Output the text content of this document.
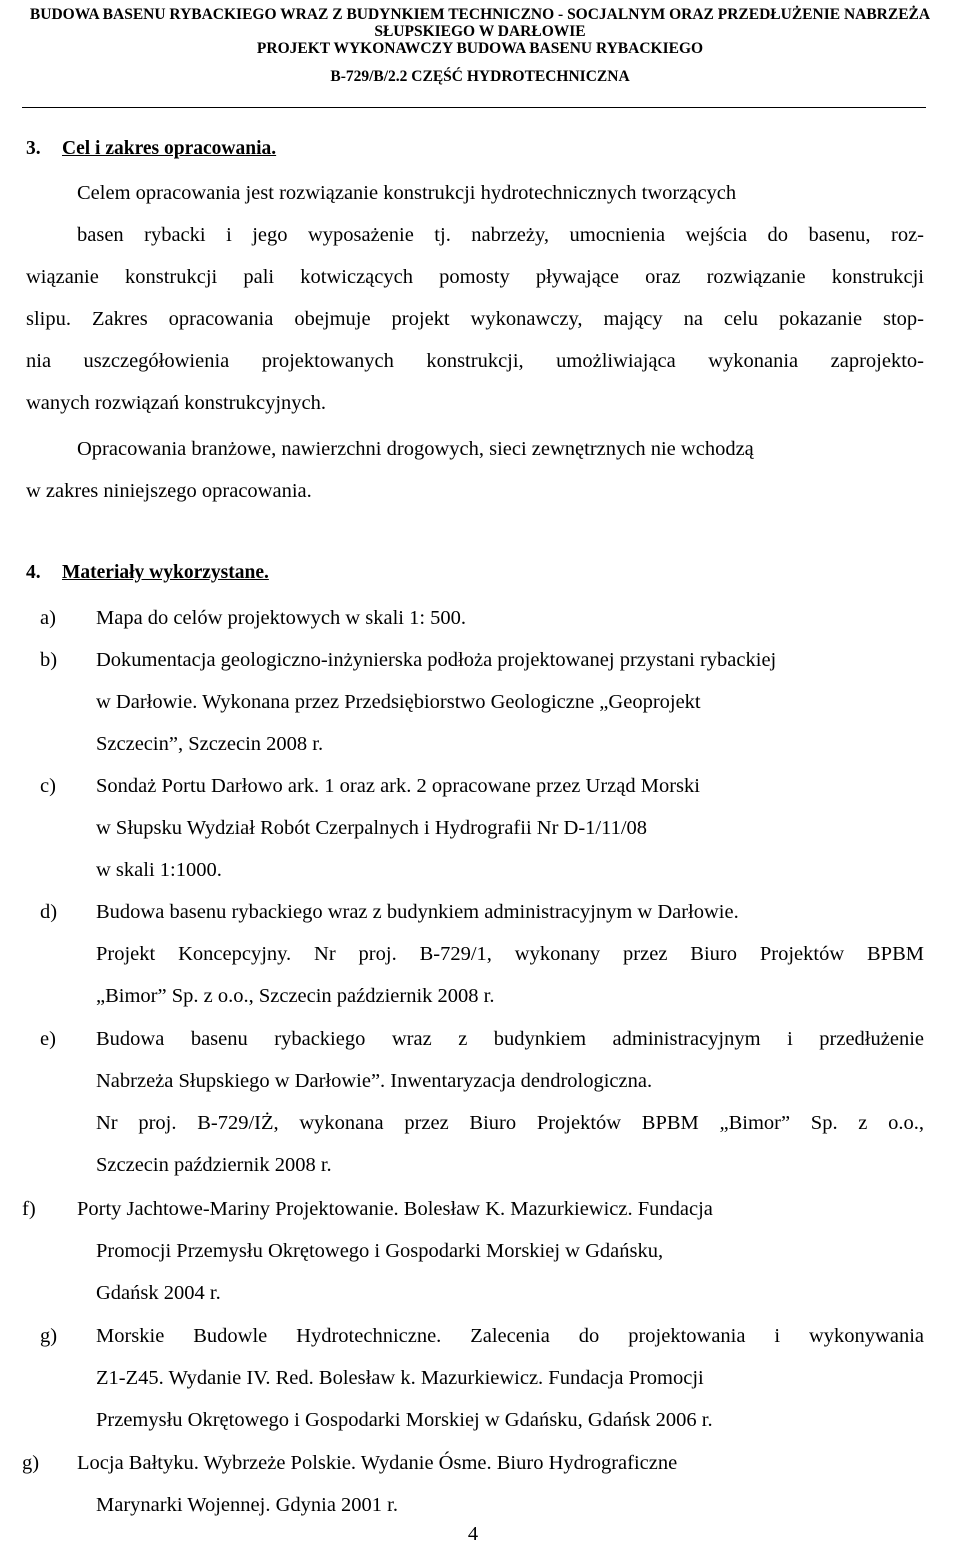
BUDOWA BASENU RYBACKIEGO WRAZ Z BUDYNKIEM TECHNICZNO - SOCJALNYM ORAZ PRZEDŁUŻENIE NABRZEŻA
SŁUPSKIEGO W DARŁOWIE
PROJEKT WYKONAWCZY BUDOWA BASENU RYBACKIEGO
B-729/B/2.2 CZĘŚĆ HYDROTECHNICZNA
3. Cel i zakres opracowania.
Celem opracowania jest rozwiązanie konstrukcji hydrotechnicznych tworzących
basen rybacki i jego wyposażenie tj. nabrzeży, umocnienia wejścia do basenu, roz-
wiązanie konstrukcji pali kotwiczących pomosty pływające oraz rozwiązanie konstrukcji
slipu. Zakres opracowania obejmuje projekt wykonawczy, mający na celu pokazanie stop-
nia uszczegółowienia projektowanych konstrukcji, umożliwiająca wykonania zaprojekto-
wanych rozwiązań konstrukcyjnych.
Opracowania branżowe, nawierzchni drogowych, sieci zewnętrznych nie wchodzą
w zakres niniejszego opracowania.
4. Materiały wykorzystane.
a) Mapa do celów projektowych w skali 1: 500.
b) Dokumentacja geologiczno-inżynierska podłoża projektowanej przystani rybackiej
w Darłowie. Wykonana przez Przedsiębiorstwo Geologiczne „Geoprojekt
Szczecin”, Szczecin 2008 r.
c) Sondaż Portu Darłowo ark. 1 oraz ark. 2 opracowane przez Urząd Morski
w Słupsku Wydział Robót Czerpalnych i Hydrografii Nr D-1/11/08
w skali 1:1000.
d) Budowa basenu rybackiego wraz z budynkiem administracyjnym w Darłowie.
Projekt Koncepcyjny. Nr proj. B-729/1, wykonany przez Biuro Projektów BPBM
„Bimor” Sp. z o.o., Szczecin październik 2008 r.
e) Budowa basenu rybackiego wraz z budynkiem administracyjnym i przedłużenie
Nabrzeża Słupskiego w Darłowie”. Inwentaryzacja dendrologiczna.
Nr proj. B-729/IŻ, wykonana przez Biuro Projektów BPBM „Bimor” Sp. z o.o.,
Szczecin październik 2008 r.
f) Porty Jachtowe-Mariny Projektowanie. Bolesław K. Mazurkiewicz. Fundacja
Promocji Przemysłu Okrętowego i Gospodarki Morskiej w Gdańsku,
Gdańsk 2004 r.
g) Morskie Budowle Hydrotechniczne. Zalecenia do projektowania i wykonywania
Z1-Z45. Wydanie IV. Red. Bolesław k. Mazurkiewicz. Fundacja Promocji
Przemysłu Okrętowego i Gospodarki Morskiej w Gdańsku, Gdańsk 2006 r.
g) Locja Bałtyku. Wybrzeże Polskie. Wydanie Ósme. Biuro Hydrograficzne
Marynarki Wojennej. Gdynia 2001 r.
4
